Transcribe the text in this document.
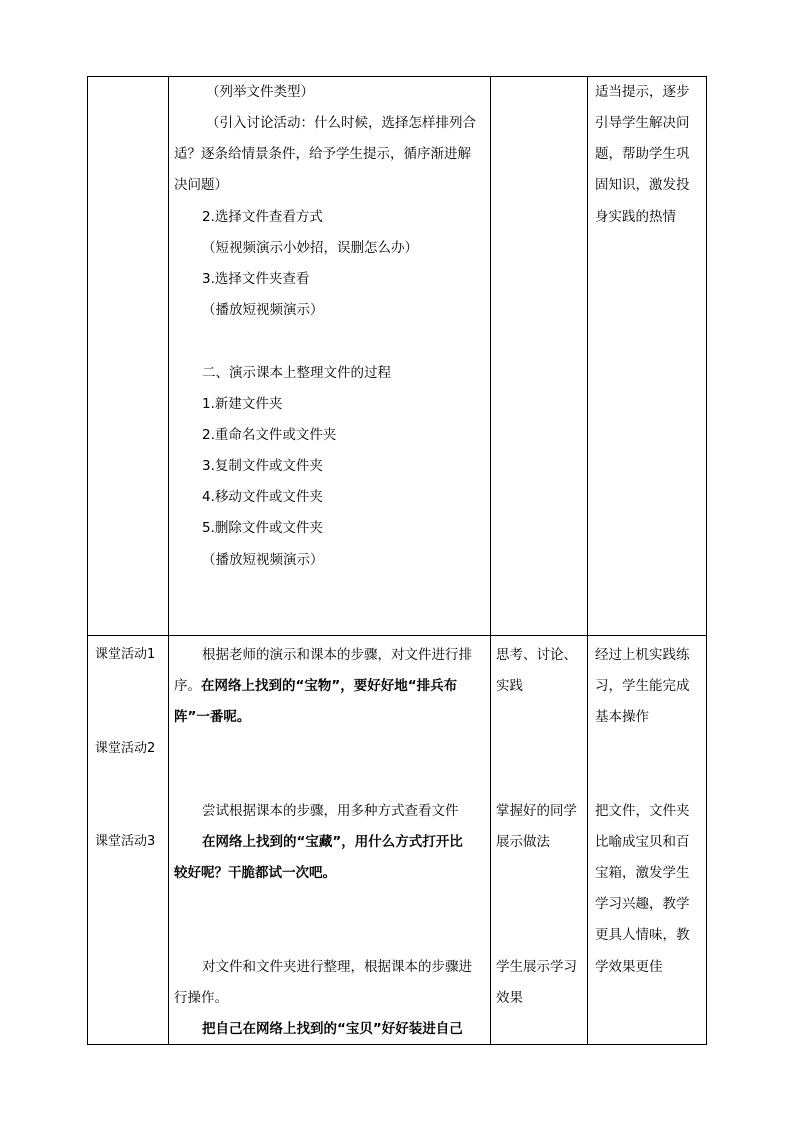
（列举文件类型）
（引入讨论活动：什么时候，选择怎样排列合
适？逐条给情景条件，给予学生提示，循序渐进解
决问题）
2.选择文件查看方式
（短视频演示小妙招，误删怎么办）
3.选择文件夹查看
（播放短视频演示）
二、演示课本上整理文件的过程
1.新建文件夹
2.重命名文件或文件夹
3.复制文件或文件夹
4.移动文件或文件夹
5.删除文件或文件夹
（播放短视频演示）
适当提示，逐步
引导学生解决问
题，帮助学生巩
固知识，激发投
身实践的热情
课堂活动1
课堂活动2
课堂活动3
根据老师的演示和课本的步骤，对文件进行排
序。在网络上找到的“宝物”，要好好地“排兵布
阵”一番呢。
尝试根据课本的步骤，用多种方式查看文件
在网络上找到的“宝藏”，用什么方式打开比
较好呢？干脆都试一次吧。
对文件和文件夹进行整理，根据课本的步骤进
行操作。
把自己在网络上找到的“宝贝”好好装进自己
思考、讨论、
实践
掌握好的同学
展示做法
学生展示学习
效果
经过上机实践练
习，学生能完成
基本操作
把文件，文件夹
比喻成宝贝和百
宝箱，激发学生
学习兴趣，教学
更具人情味，教
学效果更佳
